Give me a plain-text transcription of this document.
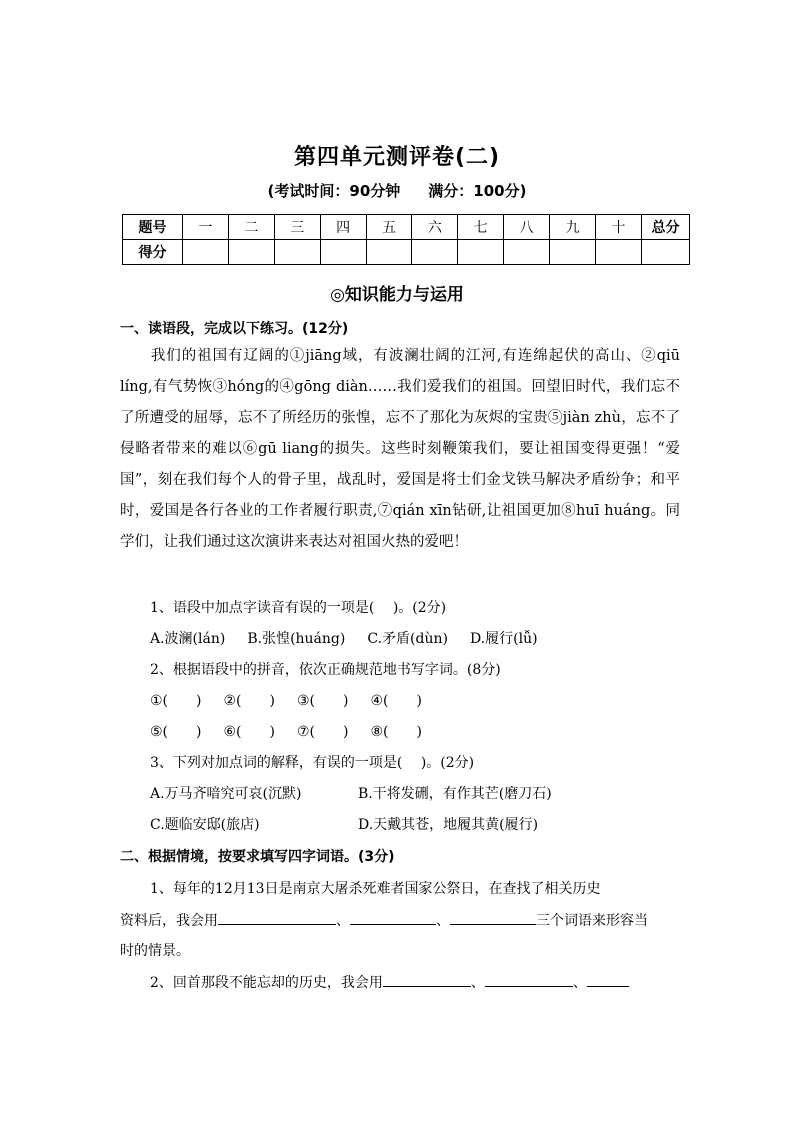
第四单元测评卷(二)
(考试时间：90分钟 满分：100分)
题号	一	二	三	四	五	六	七	八	九	十	总分
得分											
◎知识能力与运用
一、读语段，完成以下练习。(12分)
　　我们的祖国有辽阔的①jiāng域，有波澜壮阔的江河,有连绵起伏的高山、②qiū líng,有气势恢③hóng的④gōng diàn……我们爱我们的祖国。回望旧时代，我们忘不了所遭受的屈辱，忘不了所经历的张惶，忘不了那化为灰烬的宝贵⑤jiàn zhù，忘不了侵略者带来的难以⑥gū liang的损失。这些时刻鞭策我们，要让祖国变得更强！“爱国”，刻在我们每个人的骨子里，战乱时，爱国是将士们金戈铁马解决矛盾纷争；和平时，爱国是各行各业的工作者履行职责,⑦qián xīn钻研,让祖国更加⑧huī huáng。同学们，让我们通过这次演讲来表达对祖国火热的爱吧！
1、语段中加点字读音有误的一项是(　 )。(2分)
A.波澜(lán) B.张惶(huáng) C.矛盾(dùn) D.履行(lǚ)
2、根据语段中的拼音，依次正确规范地书写字词。(8分)
①(　　) ②(　　) ③(　　) ④(　　)
⑤(　　) ⑥(　　) ⑦(　　) ⑧(　　)
3、下列对加点词的解释，有误的一项是(　 )。(2分)
A.万马齐喑究可哀(沉默)	B.干将发硎，有作其芒(磨刀石)
C.题临安邸(旅店)	D.天戴其苍，地履其黄(履行)
二、根据情境，按要求填写四字词语。(3分)
1、每年的12月13日是南京大屠杀死难者国家公祭日，在查找了相关历史
资料后，我会用	、	、	三个词语来形容当
时的情景。
2、回首那段不能忘却的历史，我会用	、	、
